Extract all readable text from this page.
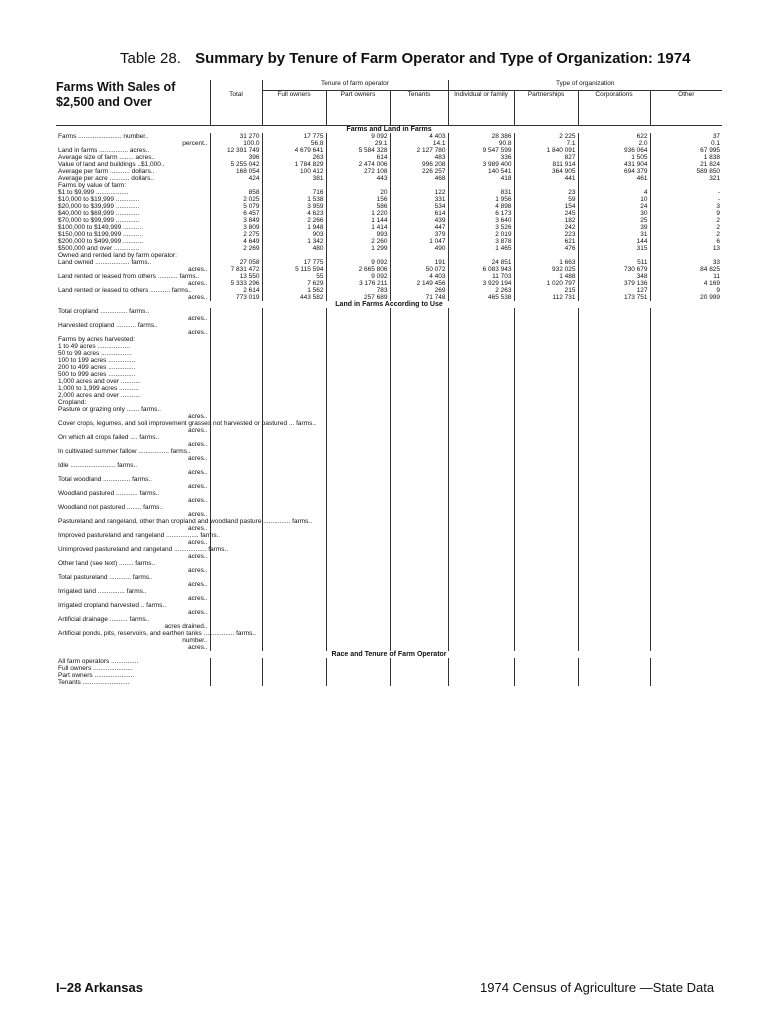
Table 28. Summary by Tenure of Farm Operator and Type of Organization: 1974
Farms With Sales of $2,500 and Over
		Tenure of farm operator			Type of organization			
	Total	Full owners	Part owners	Tenants	Individual or family	Partnerships	Corporations	Other
Farms and Land in Farms								
Farms ........................ number..	31 270	17 775	9 092	4 403	28 386	2 225	622	37
percent..	100.0	56.8	29.1	14.1	90.8	7.1	2.0	0.1
Land in farms ................ acres..	12 391 749	4 679 641	5 584 328	2 127 780	9 547 599	1 840 091	936 064	67 995
Average size of farm ........ acres..	396	263	614	483	336	827	1 505	1 838
Value of land and buildings ..$1,000..	5 255 042	1 784 829	2 474 006	996 208	3 989 400	811 914	431 904	21 824
Average per farm ........... dollars..	168 054	100 412	272 108	226 257	140 541	364 905	694 379	589 850
Average per acre ........... dollars..	424	381	443	468	418	441	461	321
Farms by value of farm:								
$1 to $9,999 ..................	858	716	20	122	831	23	4	-
$10,000 to $19,999 .............	2 025	1 538	156	331	1 956	59	10	-
$20,000 to $39,999 .............	5 079	3 959	586	534	4 898	154	24	3
$40,000 to $69,999 .............	6 457	4 623	1 220	614	6 173	245	30	9
$70,000 to $99,999 .............	3 849	2 266	1 144	439	3 640	182	25	2
$100,000 to $149,999 ...........	3 809	1 948	1 414	447	3 526	242	39	2
$150,000 to $199,999 ...........	2 275	903	993	379	2 019	223	31	2
$200,000 to $499,999 ...........	4 649	1 342	2 260	1 047	3 878	621	144	6
$500,000 and over ..............	2 269	480	1 299	490	1 465	476	315	13
Owned and rented land by farm operator:								
Land owned ................... farms..	27 058	17 775	9 092	191	24 851	1 663	511	33
acres..	7 831 472	5 115 594	2 665 806	50 072	6 083 943	932 025	730 679	84 825
Land rented or leased from others ........... farms..	13 550	55	9 092	4 403	11 703	1 488	348	11
acres..	5 333 296	7 629	3 176 211	2 149 456	3 929 194	1 020 797	379 136	4 169
Land rented or leased to others ........... farms..	2 614	1 562	783	269	2 263	215	127	9
acres..	773 019	443 582	257 689	71 748	465 538	112 731	173 751	20 999
Land in Farms According to Use								
Total cropland ............... farms..								
acres..								
Harvested cropland ........... farms..								
acres..								
Farms by acres harvested:								
1 to 49 acres ..................								
50 to 99 acres .................								
100 to 199 acres ...............								
200 to 499 acres ...............								
500 to 999 acres ...............								
1,000 acres and over ...........								
1,000 to 1,999 acres ...........								
2,000 acres and over ...........								
Cropland:								
Pasture or grazing only ....... farms..								
acres..								
Cover crops, legumes, and soil improvement grasses not harvested or pastured ... farms..								
acres..								
On which all crops failed .... farms..								
acres..								
In cultivated summer fallow ................. farms..								
acres..								
Idle ......................... farms..								
acres..								
Total woodland ............... farms..								
acres..								
Woodland pastured ............ farms..								
acres..								
Woodland not pastured ........ farms..								
acres..								
Pastureland and rangeland, other than cropland and woodland pasture ............... farms..								
acres..								
Improved pastureland and rangeland .................. farms..								
acres..								
Unimproved pastureland and rangeland .................. farms..								
acres..								
Other land (see text) ........ farms..								
acres..								
Total pastureland ............ farms..								
acres..								
Irrigated land ............... farms..								
acres..								
Irrigated cropland harvested .. farms..								
acres..								
Artificial drainage .......... farms..								
acres drained..								
Artificial ponds, pits, reservoirs, and earthen tanks ................. farms..								
number..								
acres..								
Race and Tenure of Farm Operator								
All farm operators ...............								
Full owners ......................								
Part owners ......................								
Tenants ..........................								
I–28 Arkansas	1974 Census of Agriculture —State Data
